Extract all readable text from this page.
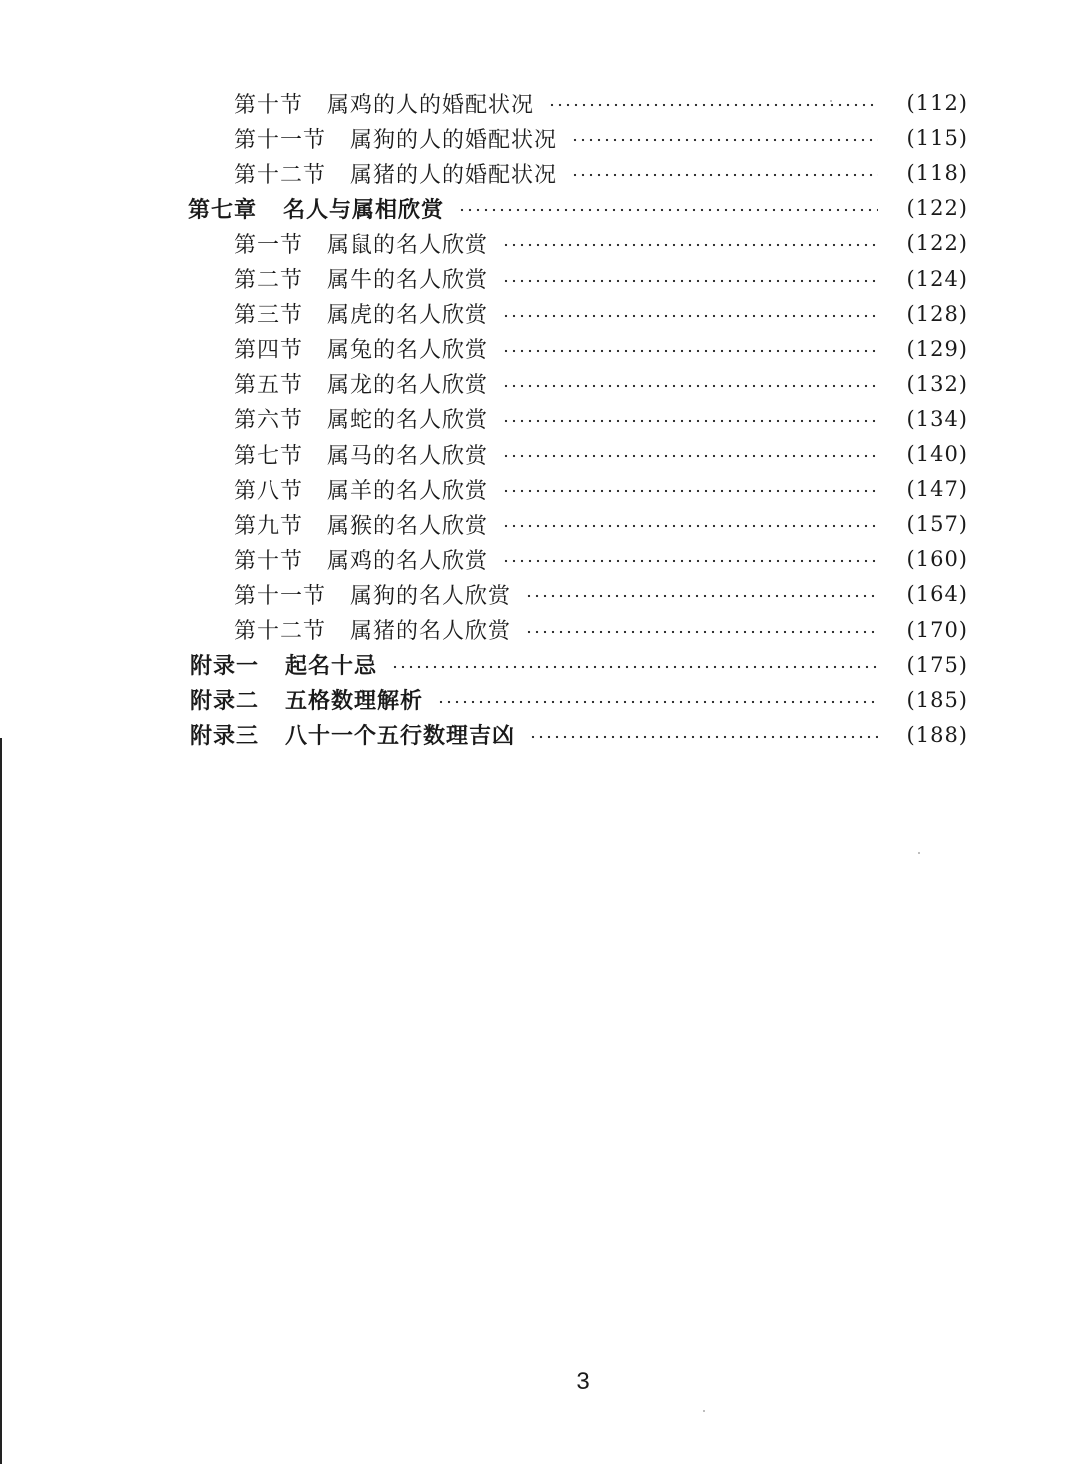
第十节 属鸡的人的婚配状况	(112)
第十一节 属狗的人的婚配状况	(115)
第十二节 属猪的人的婚配状况	(118)
第七章 名人与属相欣赏	(122)
第一节 属鼠的名人欣赏	(122)
第二节 属牛的名人欣赏	(124)
第三节 属虎的名人欣赏	(128)
第四节 属兔的名人欣赏	(129)
第五节 属龙的名人欣赏	(132)
第六节 属蛇的名人欣赏	(134)
第七节 属马的名人欣赏	(140)
第八节 属羊的名人欣赏	(147)
第九节 属猴的名人欣赏	(157)
第十节 属鸡的名人欣赏	(160)
第十一节 属狗的名人欣赏	(164)
第十二节 属猪的名人欣赏	(170)
附录一 起名十忌	(175)
附录二 五格数理解析	(185)
附录三 八十一个五行数理吉凶	(188)
3
